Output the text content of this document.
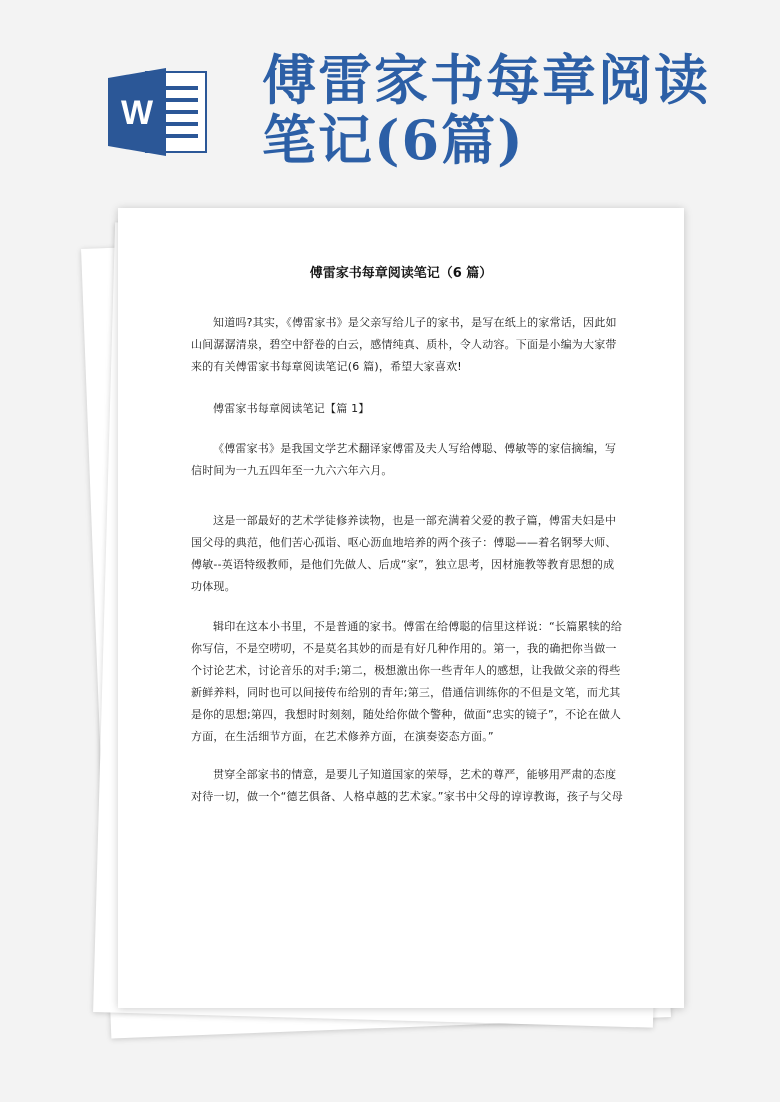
W
傅雷家书每章阅读
笔记(6篇)
傅雷家书每章阅读笔记（6 篇）
知道吗?其实，《傅雷家书》是父亲写给儿子的家书，是写在纸上的家常话，因此如山间潺潺清泉，碧空中舒卷的白云，感情纯真、质朴，令人动容。下面是小编为大家带来的有关傅雷家书每章阅读笔记(6 篇)，希望大家喜欢!
傅雷家书每章阅读笔记【篇 1】
《傅雷家书》是我国文学艺术翻译家傅雷及夫人写给傅聪、傅敏等的家信摘编，写信时间为一九五四年至一九六六年六月。
这是一部最好的艺术学徒修养读物，也是一部充满着父爱的教子篇，傅雷夫妇是中国父母的典范，他们苦心孤诣、呕心沥血地培养的两个孩子：傅聪——着名钢琴大师、傅敏--英语特级教师，是他们先做人、后成“家”，独立思考，因材施教等教育思想的成功体现。
辑印在这本小书里，不是普通的家书。傅雷在给傅聪的信里这样说：“长篇累犊的给你写信，不是空唠叨，不是莫名其妙的而是有好几种作用的。第一，我的确把你当做一个讨论艺术，讨论音乐的对手;第二，极想激出你一些青年人的感想，让我做父亲的得些新鲜养料，同时也可以间接传布给别的青年;第三，借通信训练你的不但是文笔，而尤其是你的思想;第四，我想时时刻刻，随处给你做个警种，做面“忠实的镜子”，不论在做人方面，在生活细节方面，在艺术修养方面，在演奏姿态方面。”
贯穿全部家书的情意，是要儿子知道国家的荣辱，艺术的尊严，能够用严肃的态度对待一切，做一个“德艺俱备、人格卓越的艺术家。”家书中父母的谆谆教诲，孩子与父母
